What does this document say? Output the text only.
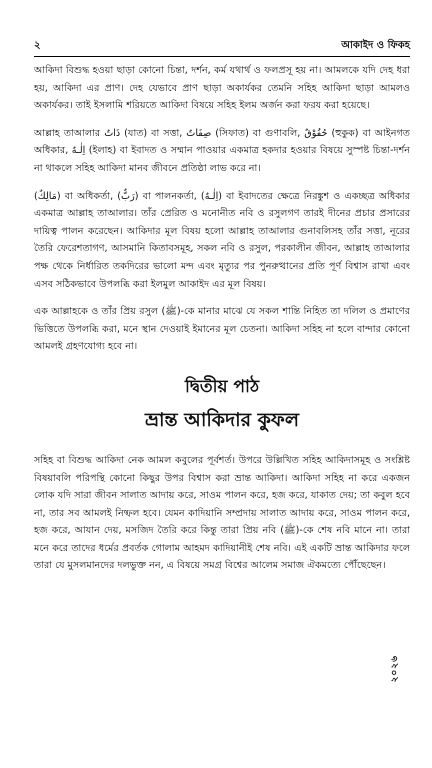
২	আকাইদ ও ফিকহ

আকিদা বিশুদ্ধ হওয়া ছাড়া কোনো চিন্তা, দর্শন, কর্ম যথার্থ ও ফলপ্রসূ হয় না। আমলকে যদি দেহ ধরা হয়, আকিদা এর প্রাণ। দেহ যেভাবে প্রাণ ছাড়া অকার্যকর তেমনি সহিহ আকিদা ছাড়া আমলও অকার্যকর। তাই ইসলামি শরিয়তে আকিদা বিষয়ে সহিহ ইলম অর্জন করা ফরয করা হয়েছে।

আল্লাহ তাআলার ذَاتٌ (যাত) বা সত্তা, صِفَاتٌ (সিফাত) বা গুণাবলি, حُقُوْقٌ (হুকুক) বা আইনগত অধিকার, اِلٰـهٌ (ইলাহ) বা ইবাদত ও সম্মান পাওয়ার একমাত্র হকদার হওয়ার বিষয়ে সুস্পষ্ট চিন্তা-দর্শন না থাকলে সহিহ আকিদা মানব জীবনে প্রতিষ্ঠা লাভ করে না।

(مَالِكٌ) বা অধিকর্তা, (رَبٌّ) বা পালনকর্তা, (اِلٰـهٌ) বা ইবাদতের ক্ষেত্রে নিরঙ্কুশ ও একচ্ছত্র অধিকার একমাত্র আল্লাহ তাআলার। তাঁর প্রেরিত ও মনোনীত নবি ও রসুলগণ তারই দীনের প্রচার প্রসারের দায়িত্ব পালন করেছেন। আকিদার মূল বিষয় হলো আল্লাহ তাআলার গুনাবলিসহ তাঁর সত্তা, নূরের তৈরি ফেরেশতাগণ, আসমানি কিতাবসমূহ, সকল নবি ও রসুল, পরকালীন জীবন, আল্লাহ তাআলার পক্ষ থেকে নির্ধারিত তকদিরের ভালো মন্দ এবং মৃত্যুর পর পুনরুত্থানের প্রতি পূর্ণ বিশ্বাস রাখা এবং এসব সঠিকভাবে উপলব্ধি করা ইলমুল আকাইদ এর মূল বিষয়।

এক আল্লাহকে ও তাঁর প্রিয় রসুল (ﷺ)-কে মানার মাঝে যে সকল শান্তি নিহিত তা দলিল ও প্রমাণের ভিত্তিতে উপলব্ধি করা, মনে স্থান দেওয়াই ইমানের মূল চেতনা। আকিদা সহিহ না হলে বান্দার কোনো আমলই গ্রহণযোগ্য হবে না।

দ্বিতীয় পাঠ
ভ্রান্ত আকিদার কুফল

সহিহ বা বিশুদ্ধ আকিদা নেক আমল কবুলের পূর্বশর্ত। উপরে উল্লিখিত সহিহ আকিদাসমূহ ও সংশ্লিষ্ট বিষয়াবলি পরিপন্থি কোনো কিছুর উপর বিশ্বাস করা ভ্রান্ত আকিদা। আকিদা সহিহ না করে একজন লোক যদি সারা জীবন সালাত আদায় করে, সাওম পালন করে, হজ করে, যাকাত দেয়; তা কবুল হবে না, তার সব আমলই নিষ্ফল হবে। যেমন কাদিয়ানি সম্প্রদায় সালাত আদায় করে, সাওম পালন করে, হজ করে, আযান দেয়, মসজিদ তৈরি করে কিন্তু তারা প্রিয় নবি (ﷺ)-কে শেষ নবি মানে না। তারা মনে করে তাদের ধর্মের প্রবর্তক গোলাম আহমদ কাদিয়ানীই শেষ নবি। এই একটি ভ্রান্ত আকিদার ফলে তারা যে মুসলমানদের দলভুক্ত নন, এ বিষয়ে সমগ্র বিশ্বের আলেম সমাজ ঐকমত্যে পৌঁছেছেন।

২০২৬
